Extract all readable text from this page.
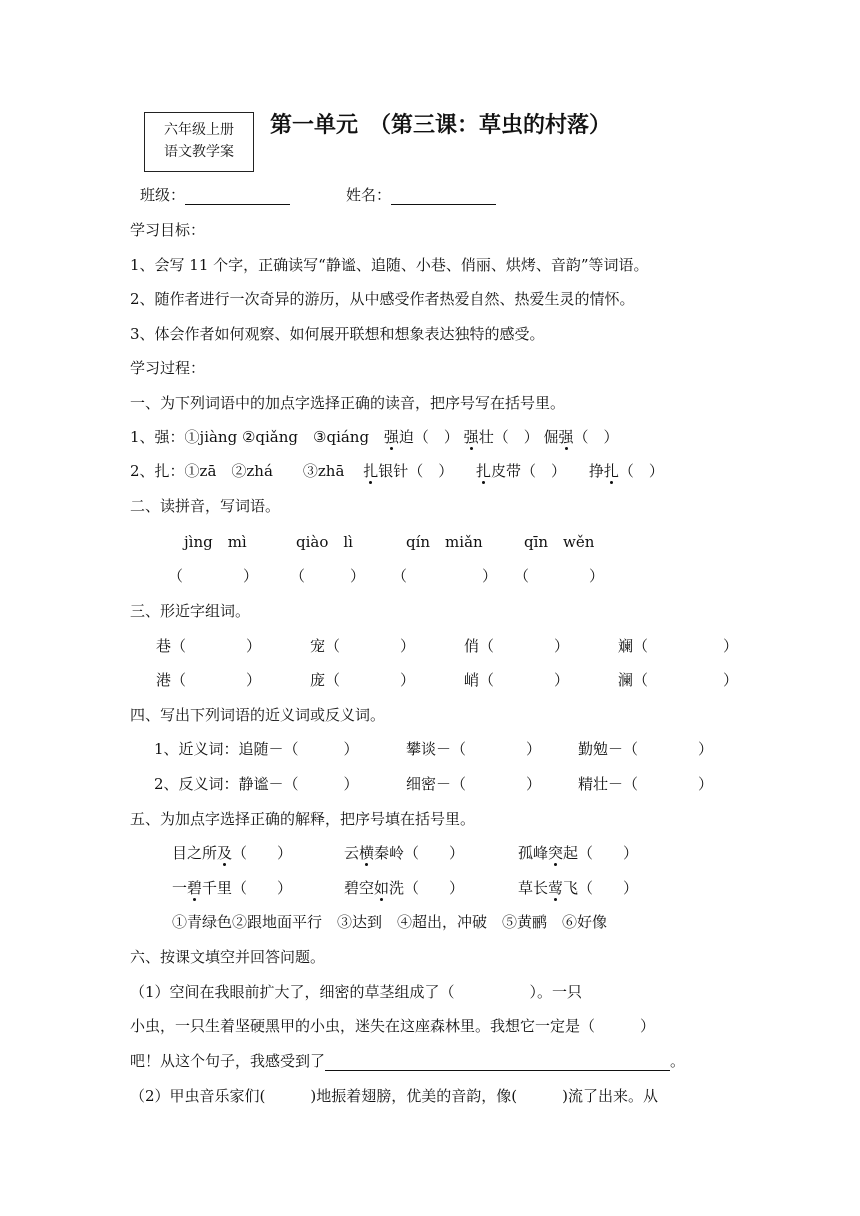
六年级上册
语文教学案
第一单元　（第三课：草虫的村落）
班级：	姓名：
学习目标：
1、会写 11 个字，正确读写“静谧、追随、小巷、俏丽、烘烤、音韵”等词语。
2、随作者进行一次奇异的游历，从中感受作者热爱自然、热爱生灵的情怀。
3、体会作者如何观察、如何展开联想和想象表达独特的感受。
学习过程：
一、为下列词语中的加点字选择正确的读音，把序号写在括号里。
1、强：①jiàng ②qiǎng　③qiáng 强迫（　） 强壮（　） 倔强（　）
2、扎：①zā　②zhá　　③zhā 扎银针（　） 扎皮带（　） 挣扎（　）
二、读拼音，写词语。
jìng　mì	qiào　lì	qín　miǎn	qīn　wěn
（　　　　） （　　　） （　　　　　） （　　　　）
三、形近字组词。
巷（　　　　）	宠（　　　　）	俏（　　　　）	斓（　　　　　）
港（　　　　）	庞（　　　　）	峭（　　　　）	澜（　　　　　）
四、写出下列词语的近义词或反义词。
1、近义词：追随－（　　　）	攀谈－（　　　　） 勤勉－（　　　　）
2、反义词：静谧－（　　　）	细密－（　　　　） 精壮－（　　　　）
五、为加点字选择正确的解释，把序号填在括号里。
目之所及（　　）	云横秦岭（　　）	孤峰突起（　　）
一碧千里（　　）	碧空如洗（　　）	草长莺飞（　　）
①青绿色②跟地面平行　③达到　④超出，冲破　⑤黄鹂　⑥好像
六、按课文填空并回答问题。
（1）空间在我眼前扩大了，细密的草茎组成了（　　　　　）。一只
小虫，一只生着坚硬黑甲的小虫，迷失在这座森林里。我想它一定是（　　　）
吧！从这个句子，我感受到了	。
（2）甲虫音乐家们(　　　)地振着翅膀，优美的音韵，像(　　　)流了出来。从
